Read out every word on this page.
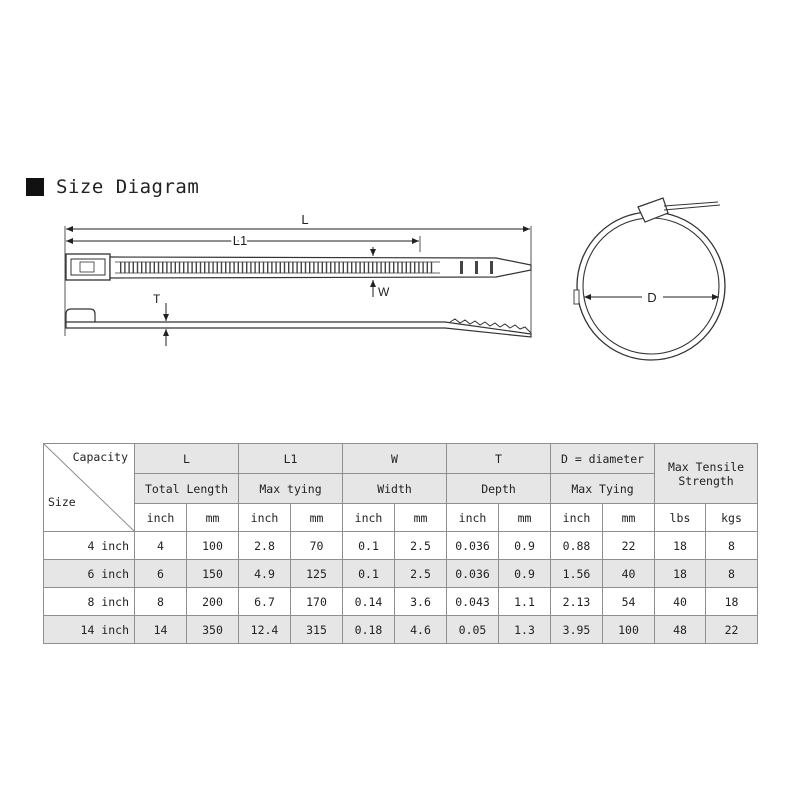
Size Diagram
L
L1
W
T	D
Capacity
Size	L		L1		W		T		D = diameter		Max Tensile Strength	
	Total Length		Max tying		Width		Depth		Max Tying			
	inch	mm	inch	mm	inch	mm	inch	mm	inch	mm	lbs	kgs
4 inch	4	100	2.8	70	0.1	2.5	0.036	0.9	0.88	22	18	8
6 inch	6	150	4.9	125	0.1	2.5	0.036	0.9	1.56	40	18	8
8 inch	8	200	6.7	170	0.14	3.6	0.043	1.1	2.13	54	40	18
14 inch	14	350	12.4	315	0.18	4.6	0.05	1.3	3.95	100	48	22
